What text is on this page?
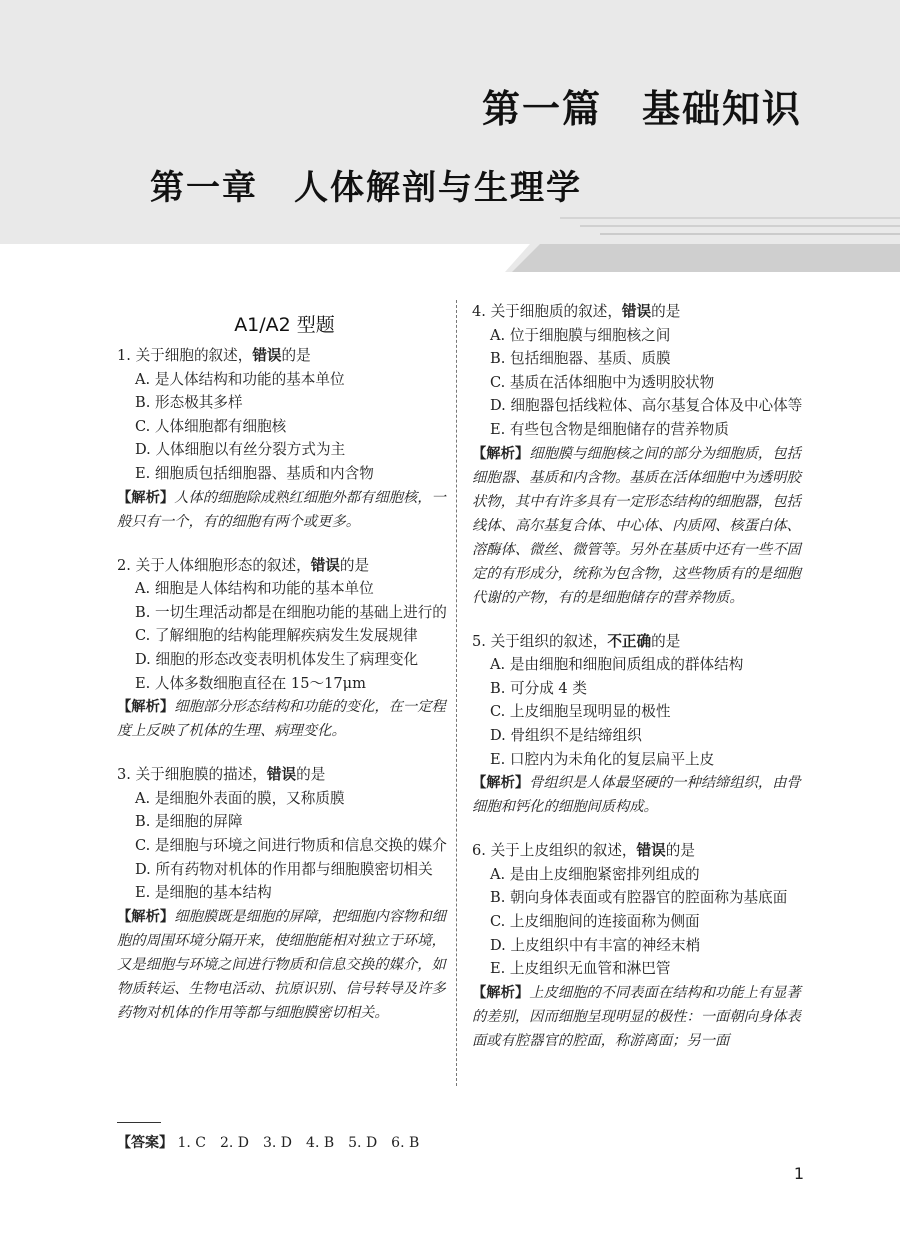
第一篇　基础知识
第一章　人体解剖与生理学
A1/A2 型题

1. 关于细胞的叙述，错误的是

A. 是人体结构和功能的基本单位

B. 形态极其多样

C. 人体细胞都有细胞核

D. 人体细胞以有丝分裂方式为主

E. 细胞质包括细胞器、基质和内含物

【解析】人体的细胞除成熟红细胞外都有细胞核，一般只有一个，有的细胞有两个或更多。

2. 关于人体细胞形态的叙述，错误的是

A. 细胞是人体结构和功能的基本单位

B. 一切生理活动都是在细胞功能的基础上进行的

C. 了解细胞的结构能理解疾病发生发展规律

D. 细胞的形态改变表明机体发生了病理变化

E. 人体多数细胞直径在 15～17μm

【解析】细胞部分形态结构和功能的变化，在一定程度上反映了机体的生理、病理变化。

3. 关于细胞膜的描述，错误的是

A. 是细胞外表面的膜，又称质膜

B. 是细胞的屏障

C. 是细胞与环境之间进行物质和信息交换的媒介

D. 所有药物对机体的作用都与细胞膜密切相关

E. 是细胞的基本结构

【解析】细胞膜既是细胞的屏障，把细胞内容物和细胞的周围环境分隔开来，使细胞能相对独立于环境，又是细胞与环境之间进行物质和信息交换的媒介，如物质转运、生物电活动、抗原识别、信号转导及许多药物对机体的作用等都与细胞膜密切相关。

4. 关于细胞质的叙述，错误的是

A. 位于细胞膜与细胞核之间

B. 包括细胞器、基质、质膜

C. 基质在活体细胞中为透明胶状物

D. 细胞器包括线粒体、高尔基复合体及中心体等

E. 有些包含物是细胞储存的营养物质

【解析】细胞膜与细胞核之间的部分为细胞质，包括细胞器、基质和内含物。基质在活体细胞中为透明胶状物，其中有许多具有一定形态结构的细胞器，包括线体、高尔基复合体、中心体、内质网、核蛋白体、溶酶体、微丝、微管等。另外在基质中还有一些不固定的有形成分，统称为包含物，这些物质有的是细胞代谢的产物，有的是细胞储存的营养物质。

5. 关于组织的叙述，不正确的是

A. 是由细胞和细胞间质组成的群体结构

B. 可分成 4 类

C. 上皮细胞呈现明显的极性

D. 骨组织不是结缔组织

E. 口腔内为未角化的复层扁平上皮

【解析】骨组织是人体最坚硬的一种结缔组织，由骨细胞和钙化的细胞间质构成。

6. 关于上皮组织的叙述，错误的是

A. 是由上皮细胞紧密排列组成的

B. 朝向身体表面或有腔器官的腔面称为基底面

C. 上皮细胞间的连接面称为侧面

D. 上皮组织中有丰富的神经末梢

E. 上皮组织无血管和淋巴管

【解析】上皮细胞的不同表面在结构和功能上有显著的差别，因而细胞呈现明显的极性：一面朝向身体表面或有腔器官的腔面，称游离面；另一面

【答案】 1. C　2. D　3. D　4. B　5. D　6. B
1
